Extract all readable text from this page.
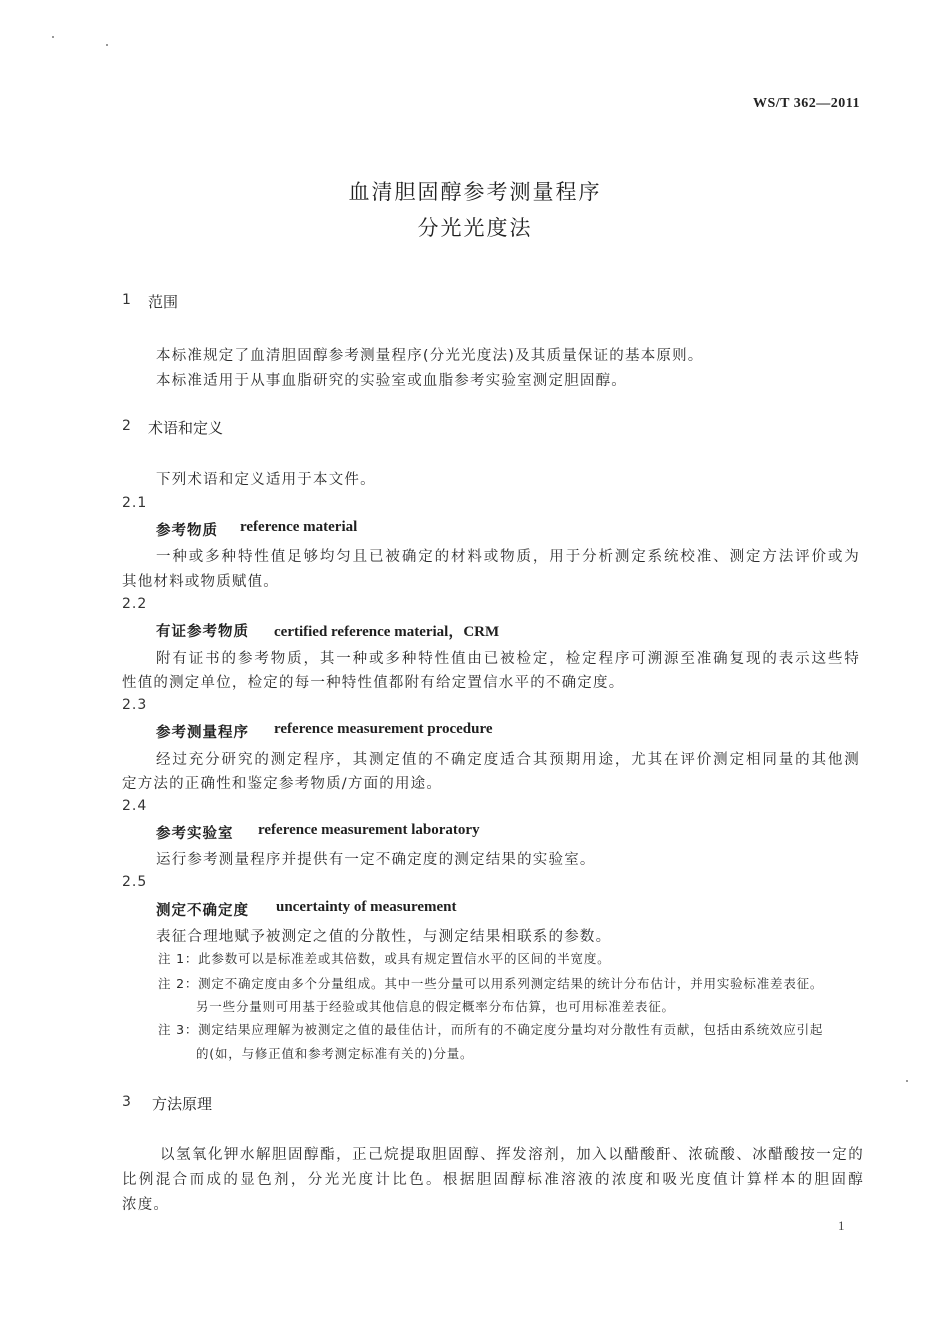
WS/T 362—2011
血清胆固醇参考测量程序
分光光度法
1 范围
本标准规定了血清胆固醇参考测量程序(分光光度法)及其质量保证的基本原则。
本标准适用于从事血脂研究的实验室或血脂参考实验室测定胆固醇。
2 术语和定义
下列术语和定义适用于本文件。
2.1
参考物质 reference material
一种或多种特性值足够均匀且已被确定的材料或物质，用于分析测定系统校准、测定方法评价或为
其他材料或物质赋值。
2.2
有证参考物质 certified reference material，CRM
附有证书的参考物质，其一种或多种特性值由已被检定，检定程序可溯源至准确复现的表示这些特
性值的测定单位，检定的每一种特性值都附有给定置信水平的不确定度。
2.3
参考测量程序 reference measurement procedure
经过充分研究的测定程序，其测定值的不确定度适合其预期用途，尤其在评价测定相同量的其他测
定方法的正确性和鉴定参考物质/方面的用途。
2.4
参考实验室 reference measurement laboratory
运行参考测量程序并提供有一定不确定度的测定结果的实验室。
2.5
测定不确定度 uncertainty of measurement
表征合理地赋予被测定之值的分散性，与测定结果相联系的参数。
注 1：此参数可以是标准差或其倍数，或具有规定置信水平的区间的半宽度。
注 2：测定不确定度由多个分量组成。其中一些分量可以用系列测定结果的统计分布估计，并用实验标准差表征。
另一些分量则可用基于经验或其他信息的假定概率分布估算，也可用标准差表征。
注 3：测定结果应理解为被测定之值的最佳估计，而所有的不确定度分量均对分散性有贡献，包括由系统效应引起
的(如，与修正值和参考测定标准有关的)分量。
3 方法原理
以氢氧化钾水解胆固醇酯，正己烷提取胆固醇、挥发溶剂，加入以醋酸酐、浓硫酸、冰醋酸按一定的
比例混合而成的显色剂，分光光度计比色。根据胆固醇标准溶液的浓度和吸光度值计算样本的胆固醇
浓度。
1
